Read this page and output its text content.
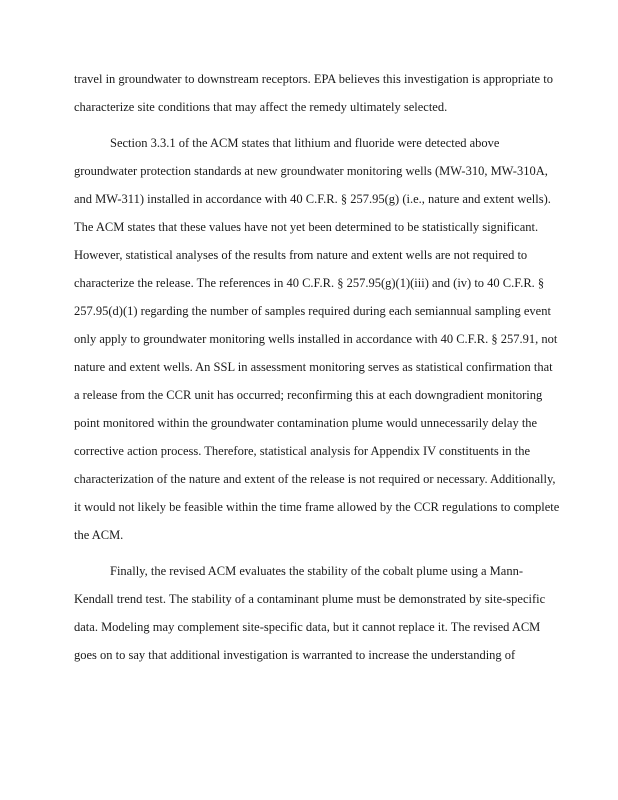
travel in groundwater to downstream receptors. EPA believes this investigation is appropriate to
characterize site conditions that may affect the remedy ultimately selected.
Section 3.3.1 of the ACM states that lithium and fluoride were detected above
groundwater protection standards at new groundwater monitoring wells (MW-310, MW-310A,
and MW-311) installed in accordance with 40 C.F.R. § 257.95(g) (i.e., nature and extent wells).
The ACM states that these values have not yet been determined to be statistically significant.
However, statistical analyses of the results from nature and extent wells are not required to
characterize the release. The references in 40 C.F.R. § 257.95(g)(1)(iii) and (iv) to 40 C.F.R. §
257.95(d)(1) regarding the number of samples required during each semiannual sampling event
only apply to groundwater monitoring wells installed in accordance with 40 C.F.R. § 257.91, not
nature and extent wells. An SSL in assessment monitoring serves as statistical confirmation that
a release from the CCR unit has occurred; reconfirming this at each downgradient monitoring
point monitored within the groundwater contamination plume would unnecessarily delay the
corrective action process. Therefore, statistical analysis for Appendix IV constituents in the
characterization of the nature and extent of the release is not required or necessary. Additionally,
it would not likely be feasible within the time frame allowed by the CCR regulations to complete
the ACM.
Finally, the revised ACM evaluates the stability of the cobalt plume using a Mann-
Kendall trend test. The stability of a contaminant plume must be demonstrated by site-specific
data. Modeling may complement site-specific data, but it cannot replace it. The revised ACM
goes on to say that additional investigation is warranted to increase the understanding of
